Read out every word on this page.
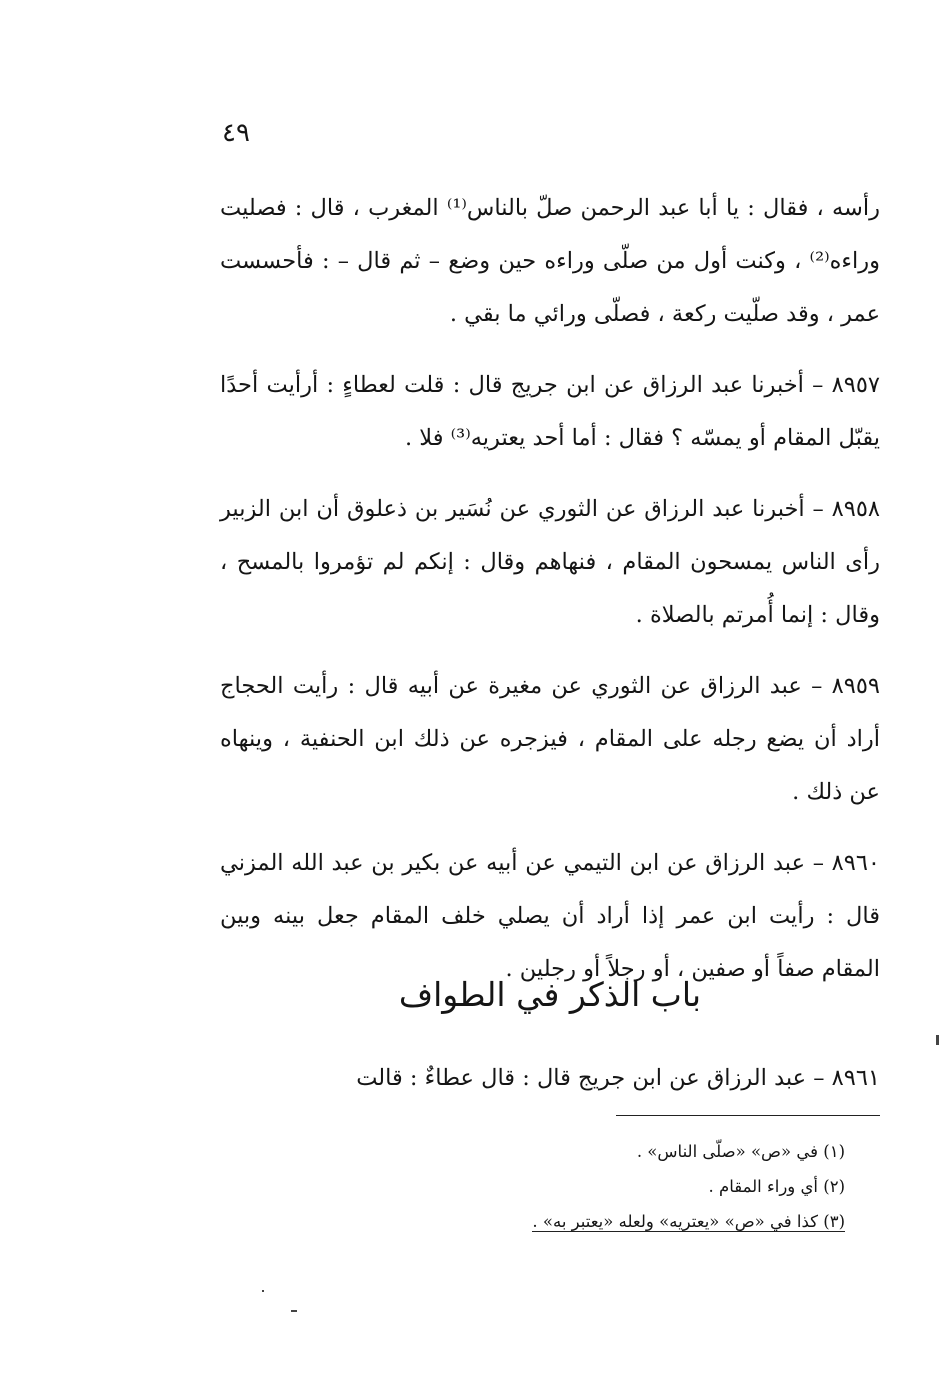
٤٩

رأسه ، فقال : يا أبا عبد الرحمن صلّ بالناس⁽¹⁾ المغرب ، قال : فصليت وراءه⁽²⁾ ، وكنت أول من صلّى وراءه حين وضع – ثم قال – : فأحسست عمر ، وقد صلّيت ركعة ، فصلّى ورائي ما بقي .

٨٩٥٧ – أخبرنا عبد الرزاق عن ابن جريج قال : قلت لعطاءٍ : أرأيت أحدًا يقبّل المقام أو يمسّه ؟ فقال : أما أحد يعتريه⁽³⁾ فلا .

٨٩٥٨ – أخبرنا عبد الرزاق عن الثوري عن نُسَير بن ذعلوق أن ابن الزبير رأى الناس يمسحون المقام ، فنهاهم وقال : إنكم لم تؤمروا بالمسح ، وقال : إنما أُمرتم بالصلاة .

٨٩٥٩ – عبد الرزاق عن الثوري عن مغيرة عن أبيه قال : رأيت الحجاج أراد أن يضع رجله على المقام ، فيزجره عن ذلك ابن الحنفية ، وينهاه عن ذلك .

٨٩٦٠ – عبد الرزاق عن ابن التيمي عن أبيه عن بكير بن عبد الله المزني قال : رأيت ابن عمر إذا أراد أن يصلي خلف المقام جعل بينه وبين المقام صفاً أو صفين ، أو رجلاً أو رجلين .

باب الذكر في الطواف
٨٩٦١ – عبد الرزاق عن ابن جريج قال : قال عطاءٌ : قالت

(١) في «ص» «صلّى الناس» .

(٢) أي وراء المقام .

(٣) كذا في «ص» «يعتريه» ولعله «يعتبر به» .
